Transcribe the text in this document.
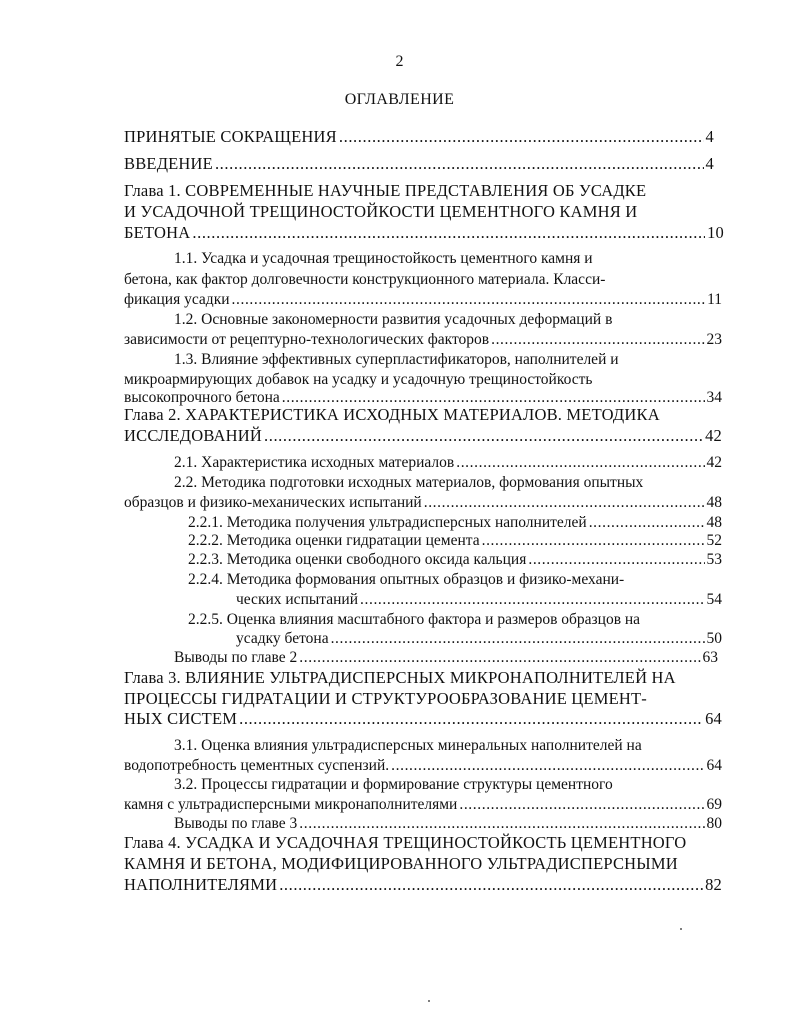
2
ОГЛАВЛЕНИЕ
ПРИНЯТЫЕ СОКРАЩЕНИЯ .....	4
ВВЕДЕНИЕ .....	4
Глава 1. СОВРЕМЕННЫЕ НАУЧНЫЕ ПРЕДСТАВЛЕНИЯ ОБ УСАДКЕ
И УСАДОЧНОЙ ТРЕЩИНОСТОЙКОСТИ ЦЕМЕНТНОГО КАМНЯ И
БЕТОНА .....	10
1.1. Усадка и усадочная трещиностойкость цементного камня и
бетона, как фактор долговечности конструкционного материала. Класси-
фикация усадки .....	11
1.2. Основные закономерности развития усадочных деформаций в
зависимости от рецептурно-технологических факторов .....	23
1.3. Влияние эффективных суперпластификаторов, наполнителей и
микроармирующих добавок на усадку и усадочную трещиностойкость
высокопрочного бетона .....	34
Глава 2. ХАРАКТЕРИСТИКА ИСХОДНЫХ МАТЕРИАЛОВ. МЕТОДИКА
ИССЛЕДОВАНИЙ .....	42
2.1. Характеристика исходных материалов .....	42
2.2. Методика подготовки исходных материалов, формования опытных
образцов и физико-механических испытаний .....	48
2.2.1. Методика получения ультрадисперсных наполнителей .....	48
2.2.2. Методика оценки гидратации цемента .....	52
2.2.3. Методика оценки свободного оксида кальция .....	53
2.2.4. Методика формования опытных образцов и физико-механи-
ческих испытаний .....	54
2.2.5. Оценка влияния масштабного фактора и размеров образцов на
усадку бетона .....	50
Выводы по главе 2 .....	63
Глава 3. ВЛИЯНИЕ УЛЬТРАДИСПЕРСНЫХ МИКРОНАПОЛНИТЕЛЕЙ НА
ПРОЦЕССЫ ГИДРАТАЦИИ И СТРУКТУРООБРАЗОВАНИЕ ЦЕМЕНТ-
НЫХ СИСТЕМ .....	64
3.1. Оценка влияния ультрадисперсных минеральных наполнителей на
водопотребность цементных суспензий. .....	64
3.2. Процессы гидратации и формирование структуры цементного
камня с ультрадисперсными микронаполнителями .....	69
Выводы по главе 3 .....	80
Глава 4. УСАДКА И УСАДОЧНАЯ ТРЕЩИНОСТОЙКОСТЬ ЦЕМЕНТНОГО
КАМНЯ И БЕТОНА, МОДИФИЦИРОВАННОГО УЛЬТРАДИСПЕРСНЫМИ
НАПОЛНИТЕЛЯМИ .....	82
